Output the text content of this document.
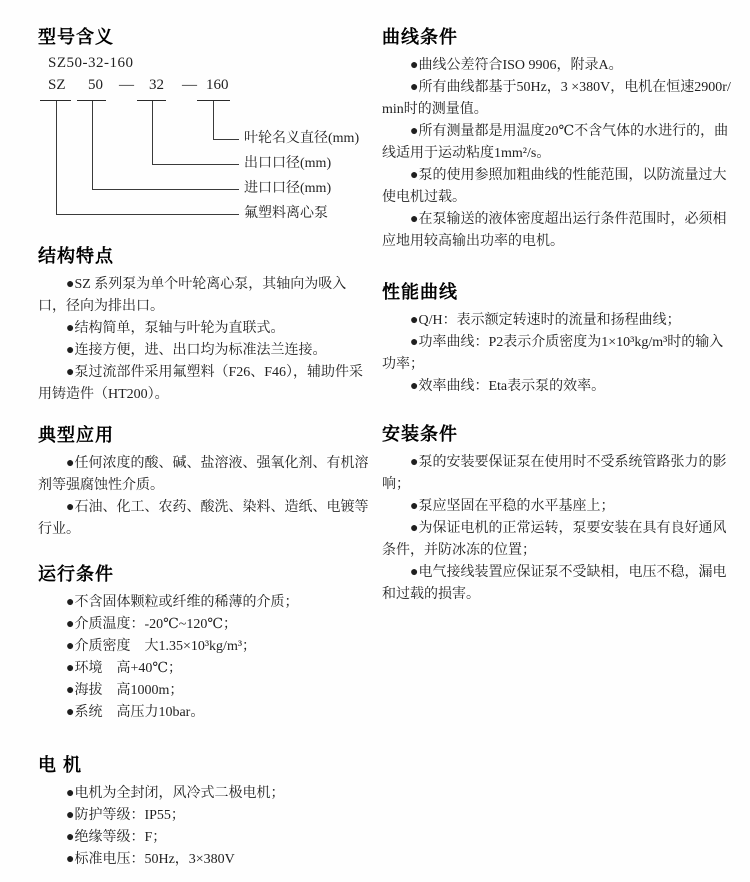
型号含义
SZ50-32-160
SZ 50	32	160
—	—
叶轮名义直径(mm)
出口口径(mm)
进口口径(mm)
氟塑料离心泵
结构特点

●SZ 系列泵为单个叶轮离心泵，其轴向为吸入口，径向为排出口。

●结构简单，泵轴与叶轮为直联式。

●连接方便，进、出口均为标准法兰连接。

●泵过流部件采用氟塑料（F26、F46），辅助件采用铸造件（HT200）。

典型应用

●任何浓度的酸、碱、盐溶液、强氧化剂、有机溶剂等强腐蚀性介质。

●石油、化工、农药、酸洗、染料、造纸、电镀等行业。

运行条件

●不含固体颗粒或纤维的稀薄的介质；

●介质温度：-20℃~120℃；

●介质密度　大1.35×10³kg/m³；

●环境　高+40℃；

●海拔　高1000m；

●系统　高压力10bar。

电 机

●电机为全封闭，风冷式二极电机；

●防护等级：IP55；

●绝缘等级：F；

●标准电压：50Hz，3×380V

曲线条件

●曲线公差符合ISO 9906，附录A。

●所有曲线都基于50Hz，3 ×380V，电机在恒速2900r/min时的测量值。

●所有测量都是用温度20℃不含气体的水进行的，曲线适用于运动粘度1mm²/s。

●泵的使用参照加粗曲线的性能范围，以防流量过大使电机过载。

●在泵输送的液体密度超出运行条件范围时，必须相应地用较高输出功率的电机。

性能曲线

●Q/H：表示额定转速时的流量和扬程曲线；

●功率曲线：P2表示介质密度为1×10³kg/m³时的输入功率；

●效率曲线：Eta表示泵的效率。

安装条件

●泵的安装要保证泵在使用时不受系统管路张力的影响；

●泵应坚固在平稳的水平基座上；

●为保证电机的正常运转，泵要安装在具有良好通风条件，并防冰冻的位置；

●电气接线装置应保证泵不受缺相，电压不稳，漏电和过载的损害。
